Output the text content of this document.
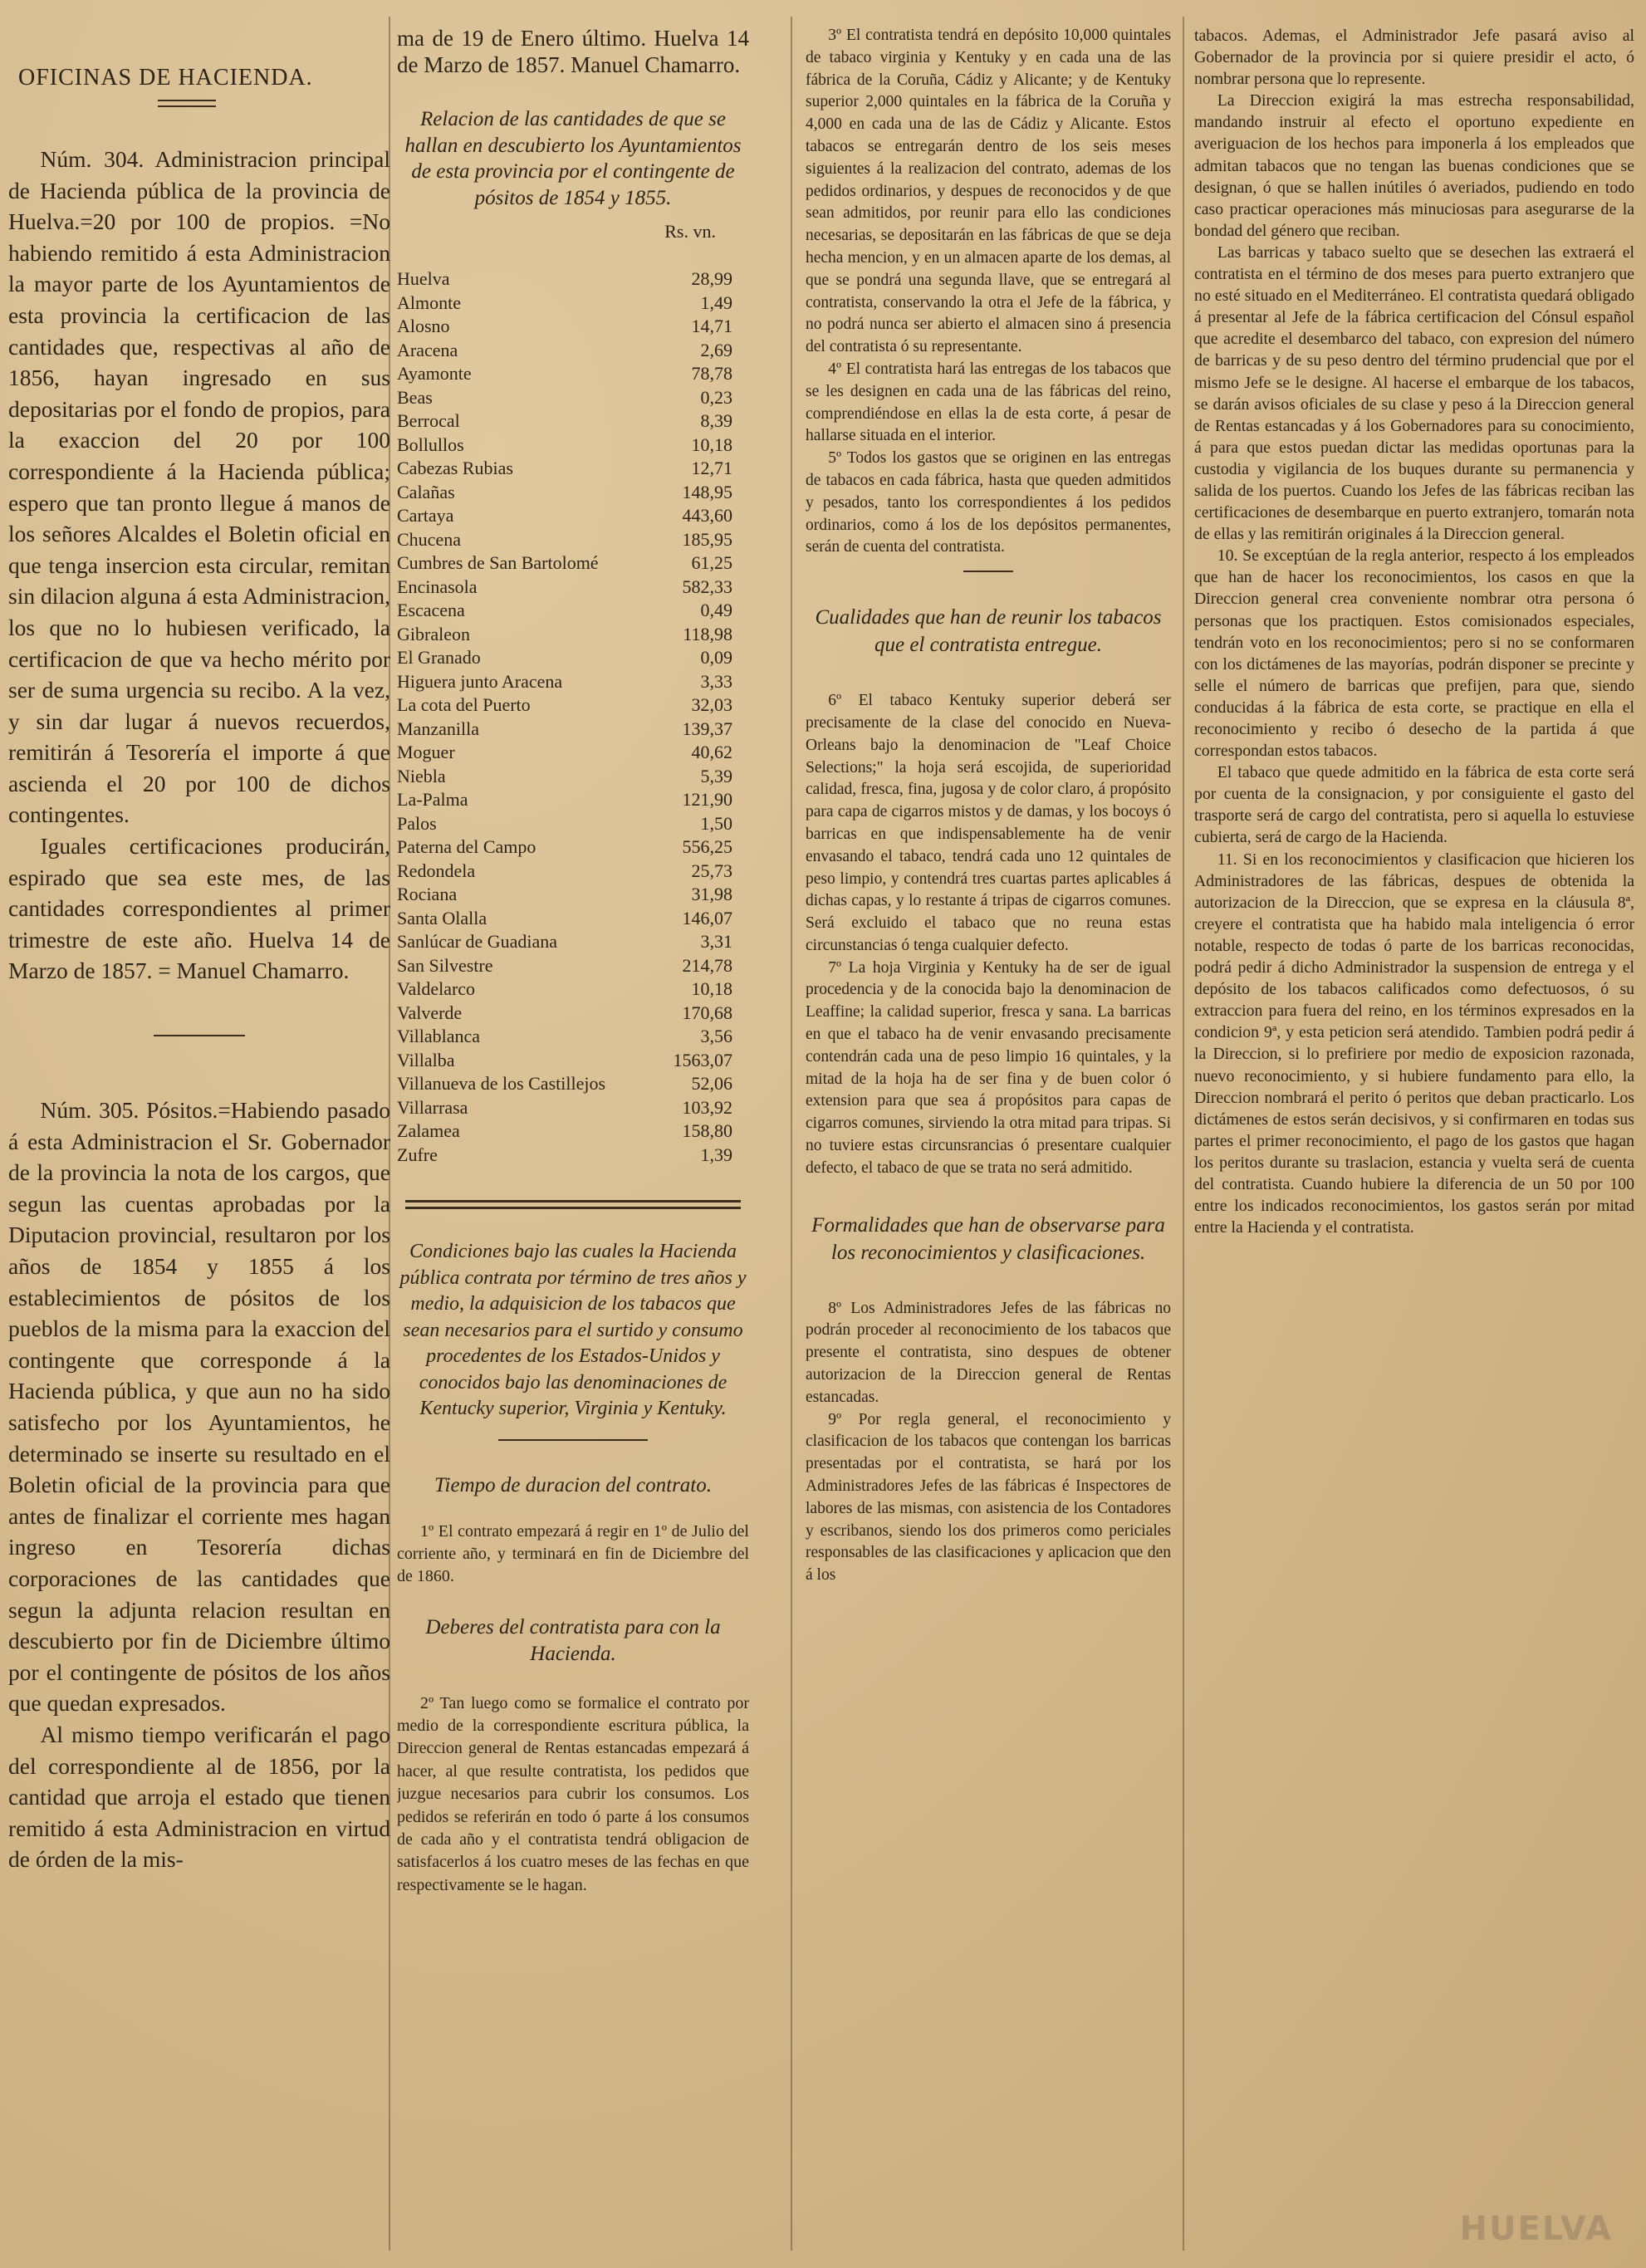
OFICINAS DE HACIENDA.

Núm. 304. Administracion principal de Hacienda pública de la provincia de Huelva.=20 por 100 de propios. =No habiendo remitido á esta Administracion la mayor parte de los Ayuntamientos de esta provincia la certificacion de las cantidades que, respectivas al año de 1856, hayan ingresado en sus depositarias por el fondo de propios, para la exaccion del 20 por 100 correspondiente á la Hacienda pública; espero que tan pronto llegue á manos de los señores Alcaldes el Boletin oficial en que tenga insercion esta circular, remitan sin dilacion alguna á esta Administracion, los que no lo hubiesen verificado, la certificacion de que va hecho mérito por ser de suma urgencia su recibo. A la vez, y sin dar lugar á nuevos recuerdos, remitirán á Tesorería el importe á que ascienda el 20 por 100 de dichos contingentes.

Iguales certificaciones producirán, espirado que sea este mes, de las cantidades correspondientes al primer trimestre de este año. Huelva 14 de Marzo de 1857. = Manuel Chamarro.

Núm. 305. Pósitos.=Habiendo pasado á esta Administracion el Sr. Gobernador de la provincia la nota de los cargos, que segun las cuentas aprobadas por la Diputacion provincial, resultaron por los años de 1854 y 1855 á los establecimientos de pósitos de los pueblos de la misma para la exaccion del contingente que corresponde á la Hacienda pública, y que aun no ha sido satisfecho por los Ayuntamientos, he determinado se inserte su resultado en el Boletin oficial de la provincia para que antes de finalizar el corriente mes hagan ingreso en Tesorería dichas corporaciones de las cantidades que segun la adjunta relacion resultan en descubierto por fin de Diciembre último por el contingente de pósitos de los años que quedan expresados.

Al mismo tiempo verificarán el pago del correspondiente al de 1856, por la cantidad que arroja el estado que tienen remitido á esta Administracion en virtud de órden de la mis-

ma de 19 de Enero último. Huelva 14 de Marzo de 1857. Manuel Chamarro.

Relacion de las cantidades de que se hallan en descubierto los Ayuntamientos de esta provincia por el contingente de pósitos de 1854 y 1855.
Rs. vn.
Huelva	28,99
Almonte	1,49
Alosno	14,71
Aracena	2,69
Ayamonte	78,78
Beas	0,23
Berrocal	8,39
Bollullos	10,18
Cabezas Rubias	12,71
Calañas	148,95
Cartaya	443,60
Chucena	185,95
Cumbres de San Bartolomé	61,25
Encinasola	582,33
Escacena	0,49
Gibraleon	118,98
El Granado	0,09
Higuera junto Aracena	3,33
La cota del Puerto	32,03
Manzanilla	139,37
Moguer	40,62
Niebla	5,39
La-Palma	121,90
Palos	1,50
Paterna del Campo	556,25
Redondela	25,73
Rociana	31,98
Santa Olalla	146,07
Sanlúcar de Guadiana	3,31
San Silvestre	214,78
Valdelarco	10,18
Valverde	170,68
Villablanca	3,56
Villalba	1563,07
Villanueva de los Castillejos	52,06
Villarrasa	103,92
Zalamea	158,80
Zufre	1,39
Condiciones bajo las cuales la Hacienda pública contrata por término de tres años y medio, la adquisicion de los tabacos que sean necesarios para el surtido y consumo procedentes de los Estados-Unidos y conocidos bajo las denominaciones de Kentucky superior, Virginia y Kentuky.
Tiempo de duracion del contrato.

1º El contrato empezará á regir en 1º de Julio del corriente año, y terminará en fin de Diciembre del de 1860.

Deberes del contratista para con la Hacienda.

2º Tan luego como se formalice el contrato por medio de la correspondiente escritura pública, la Direccion general de Rentas estancadas empezará á hacer, al que resulte contratista, los pedidos que juzgue necesarios para cubrir los consumos. Los pedidos se referirán en todo ó parte á los consumos de cada año y el contratista tendrá obligacion de satisfacerlos á los cuatro meses de las fechas en que respectivamente se le hagan.

3º El contratista tendrá en depósito 10,000 quintales de tabaco virginia y Kentuky y en cada una de las fábrica de la Coruña, Cádiz y Alicante; y de Kentuky superior 2,000 quintales en la fábrica de la Coruña y 4,000 en cada una de las de Cádiz y Alicante. Estos tabacos se entregarán dentro de los seis meses siguientes á la realizacion del contrato, ademas de los pedidos ordinarios, y despues de reconocidos y de que sean admitidos, por reunir para ello las condiciones necesarias, se depositarán en las fábricas de que se deja hecha mencion, y en un almacen aparte de los demas, al que se pondrá una segunda llave, que se entregará al contratista, conservando la otra el Jefe de la fábrica, y no podrá nunca ser abierto el almacen sino á presencia del contratista ó su representante.

4º El contratista hará las entregas de los tabacos que se les designen en cada una de las fábricas del reino, comprendiéndose en ellas la de esta corte, á pesar de hallarse situada en el interior.

5º Todos los gastos que se originen en las entregas de tabacos en cada fábrica, hasta que queden admitidos y pesados, tanto los correspondientes á los pedidos ordinarios, como á los de los depósitos permanentes, serán de cuenta del contratista.

Cualidades que han de reunir los tabacos que el contratista entregue.

6º El tabaco Kentuky superior deberá ser precisamente de la clase del conocido en Nueva-Orleans bajo la denominacion de "Leaf Choice Selections;" la hoja será escojida, de superioridad calidad, fresca, fina, jugosa y de color claro, á propósito para capa de cigarros mistos y de damas, y los bocoys ó barricas en que indispensablemente ha de venir envasando el tabaco, tendrá cada uno 12 quintales de peso limpio, y contendrá tres cuartas partes aplicables á dichas capas, y lo restante á tripas de cigarros comunes. Será excluido el tabaco que no reuna estas circunstancias ó tenga cualquier defecto.

7º La hoja Virginia y Kentuky ha de ser de igual procedencia y de la conocida bajo la denominacion de Leaffine; la calidad superior, fresca y sana. La barricas en que el tabaco ha de venir envasando precisamente contendrán cada una de peso limpio 16 quintales, y la mitad de la hoja ha de ser fina y de buen color ó extension para que sea á propósitos para capas de cigarros comunes, sirviendo la otra mitad para tripas. Si no tuviere estas circunsrancias ó presentare cualquier defecto, el tabaco de que se trata no será admitido.

Formalidades que han de observarse para los reconocimientos y clasificaciones.

8º Los Administradores Jefes de las fábricas no podrán proceder al reconocimiento de los tabacos que presente el contratista, sino despues de obtener autorizacion de la Direccion general de Rentas estancadas.

9º Por regla general, el reconocimiento y clasificacion de los tabacos que contengan los barricas presentadas por el contratista, se hará por los Administradores Jefes de las fábricas é Inspectores de labores de las mismas, con asistencia de los Contadores y escribanos, siendo los dos primeros como periciales responsables de las clasificaciones y aplicacion que den á los

tabacos. Ademas, el Administrador Jefe pasará aviso al Gobernador de la provincia por si quiere presidir el acto, ó nombrar persona que lo represente.

La Direccion exigirá la mas estrecha responsabilidad, mandando instruir al efecto el oportuno expediente en averiguacion de los hechos para imponerla á los empleados que admitan tabacos que no tengan las buenas condiciones que se designan, ó que se hallen inútiles ó averiados, pudiendo en todo caso practicar operaciones más minuciosas para asegurarse de la bondad del género que reciban.

Las barricas y tabaco suelto que se desechen las extraerá el contratista en el término de dos meses para puerto extranjero que no esté situado en el Mediterráneo. El contratista quedará obligado á presentar al Jefe de la fábrica certificacion del Cónsul español que acredite el desembarco del tabaco, con expresion del número de barricas y de su peso dentro del término prudencial que por el mismo Jefe se le designe. Al hacerse el embarque de los tabacos, se darán avisos oficiales de su clase y peso á la Direccion general de Rentas estancadas y á los Gobernadores para su conocimiento, á para que estos puedan dictar las medidas oportunas para la custodia y vigilancia de los buques durante su permanencia y salida de los puertos. Cuando los Jefes de las fábricas reciban las certificaciones de desembarque en puerto extranjero, tomarán nota de ellas y las remitirán originales á la Direccion general.

10. Se exceptúan de la regla anterior, respecto á los empleados que han de hacer los reconocimientos, los casos en que la Direccion general crea conveniente nombrar otra persona ó personas que los practiquen. Estos comisionados especiales, tendrán voto en los reconocimientos; pero si no se conformaren con los dictámenes de las mayorías, podrán disponer se precinte y selle el número de barricas que prefijen, para que, siendo conducidas á la fábrica de esta corte, se practique en ella el reconocimiento y recibo ó desecho de la partida á que correspondan estos tabacos.

El tabaco que quede admitido en la fábrica de esta corte será por cuenta de la consignacion, y por consiguiente el gasto del trasporte será de cargo del contratista, pero si aquella lo estuviese cubierta, será de cargo de la Hacienda.

11. Si en los reconocimientos y clasificacion que hicieren los Administradores de las fábricas, despues de obtenida la autorizacion de la Direccion, que se expresa en la cláusula 8ª, creyere el contratista que ha habido mala inteligencia ó error notable, respecto de todas ó parte de los barricas reconocidas, podrá pedir á dicho Administrador la suspension de entrega y el depósito de los tabacos calificados como defectuosos, ó su extraccion para fuera del reino, en los términos expresados en la condicion 9ª, y esta peticion será atendido. Tambien podrá pedir á la Direccion, si lo prefiriere por medio de exposicion razonada, nuevo reconocimiento, y si hubiere fundamento para ello, la Direccion nombrará el perito ó peritos que deban practicarlo. Los dictámenes de estos serán decisivos, y si confirmaren en todas sus partes el primer reconocimiento, el pago de los gastos que hagan los peritos durante su traslacion, estancia y vuelta será de cuenta del contratista. Cuando hubiere la diferencia de un 50 por 100 entre los indicados reconocimientos, los gastos serán por mitad entre la Hacienda y el contratista.

HUELVA
